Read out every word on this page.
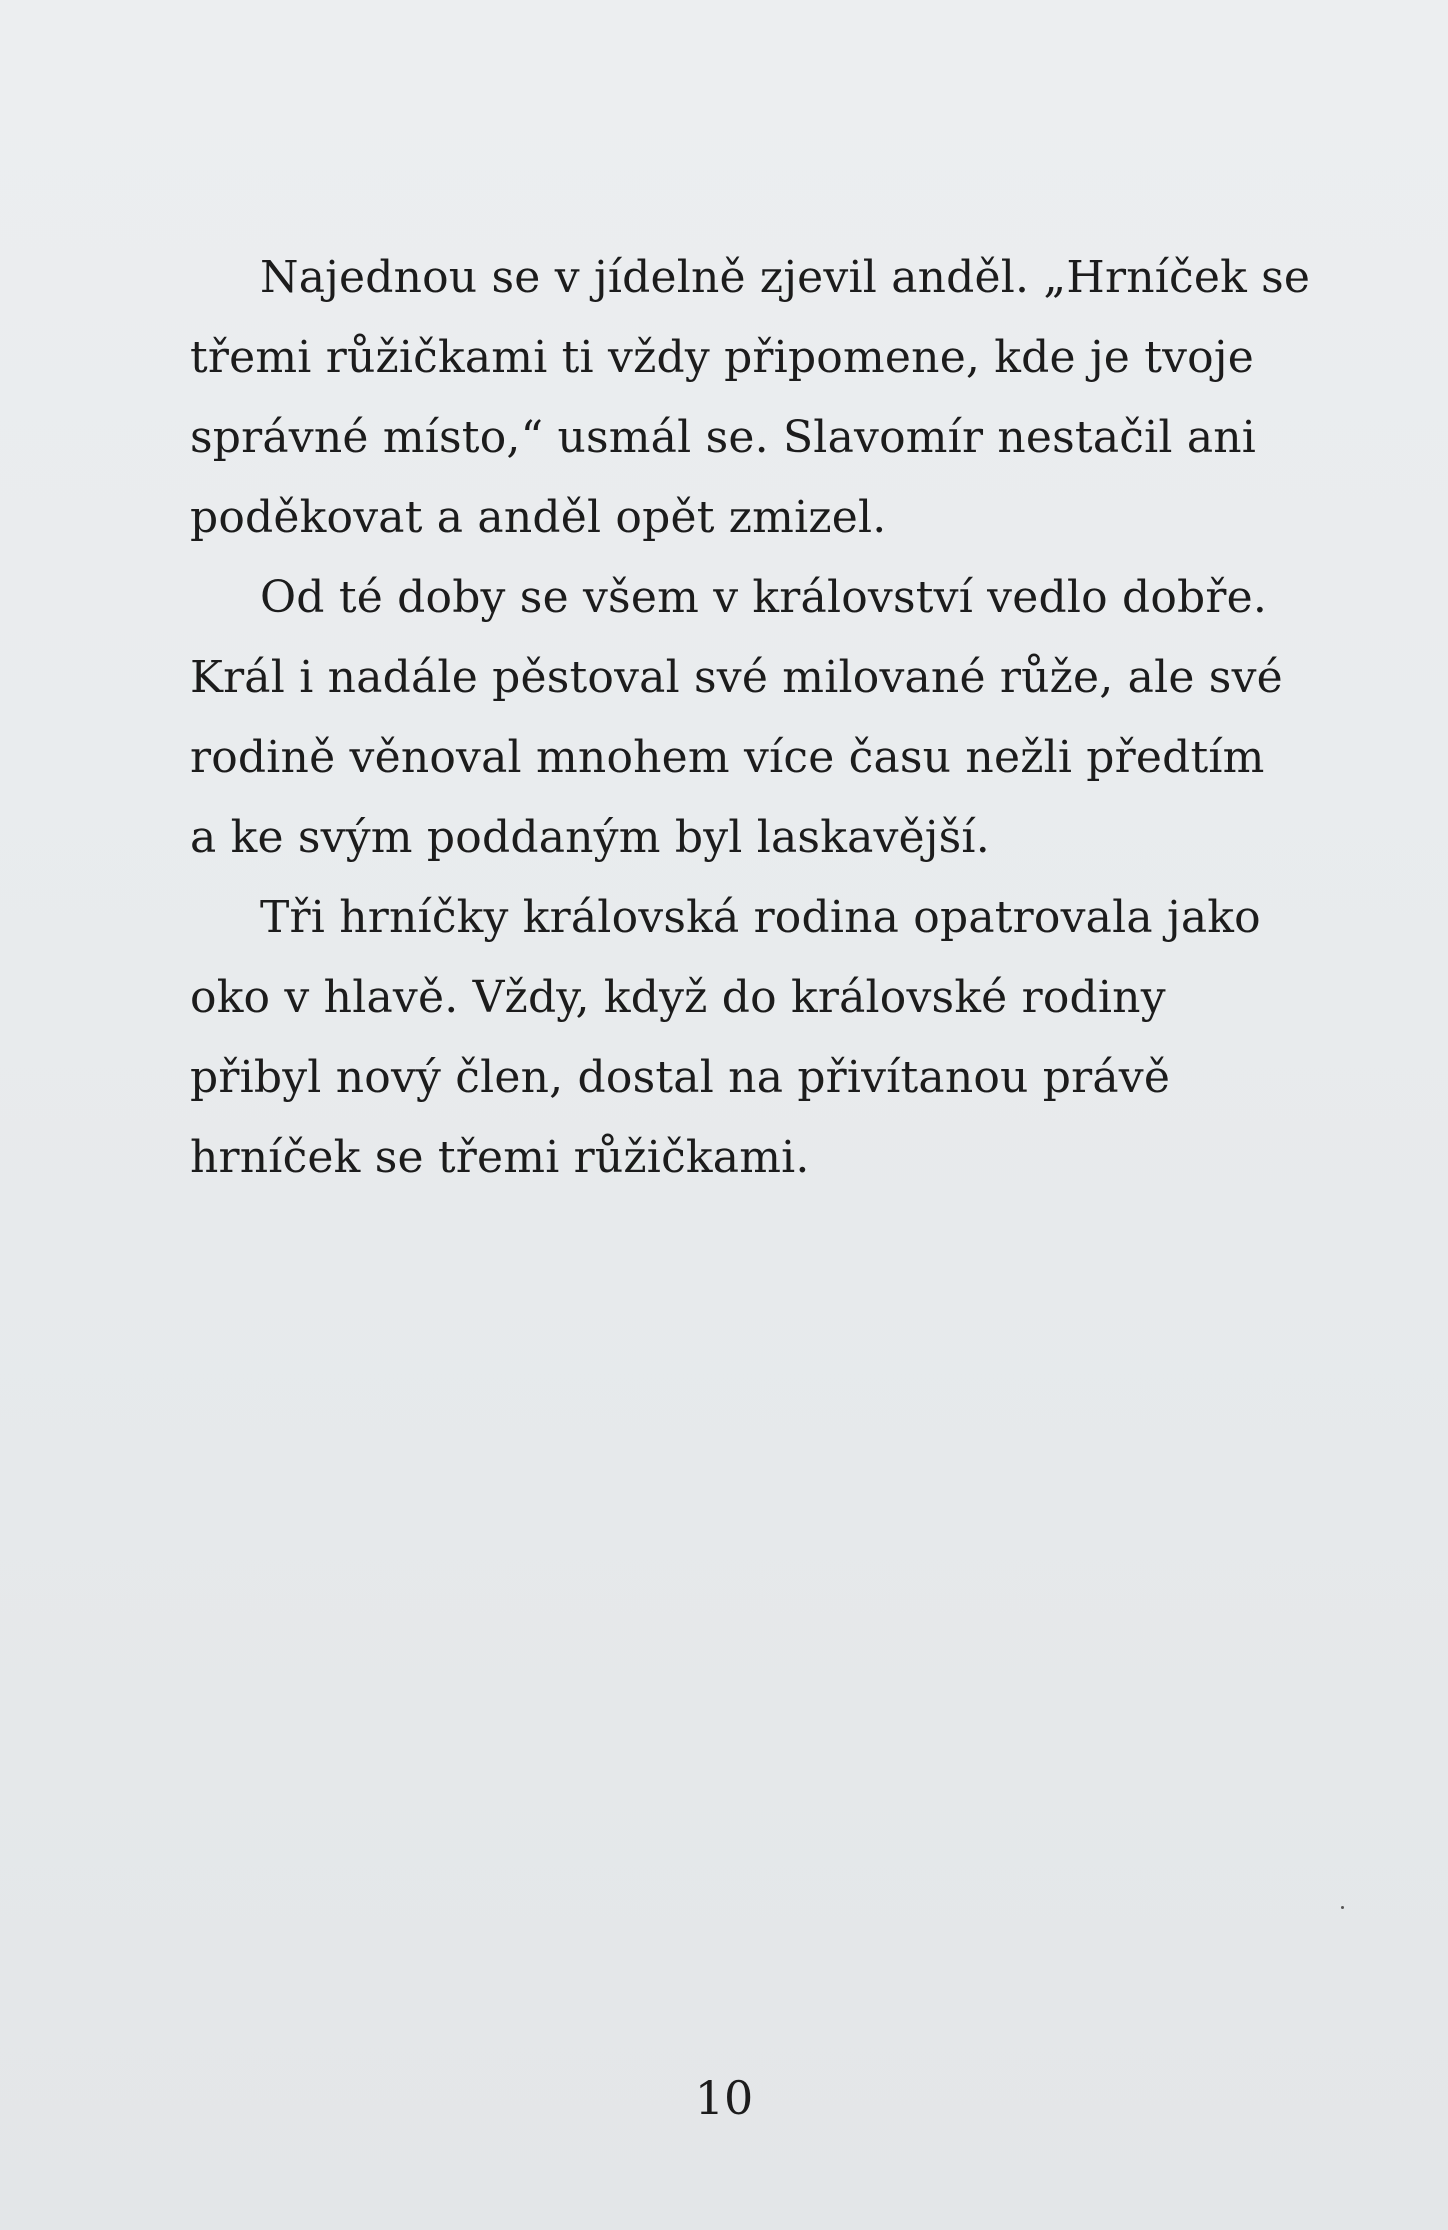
Najednou se v jídelně zjevil anděl. „Hrníček se
třemi růžičkami ti vždy připomene, kde je tvoje
správné místo,“ usmál se. Slavomír nestačil ani
poděkovat a anděl opět zmizel.
Od té doby se všem v království vedlo dobře.
Král i nadále pěstoval své milované růže, ale své
rodině věnoval mnohem více času nežli předtím
a ke svým poddaným byl laskavější.
Tři hrníčky královská rodina opatrovala jako
oko v hlavě. Vždy, když do královské rodiny
přibyl nový člen, dostal na přivítanou právě
hrníček se třemi růžičkami.
10
